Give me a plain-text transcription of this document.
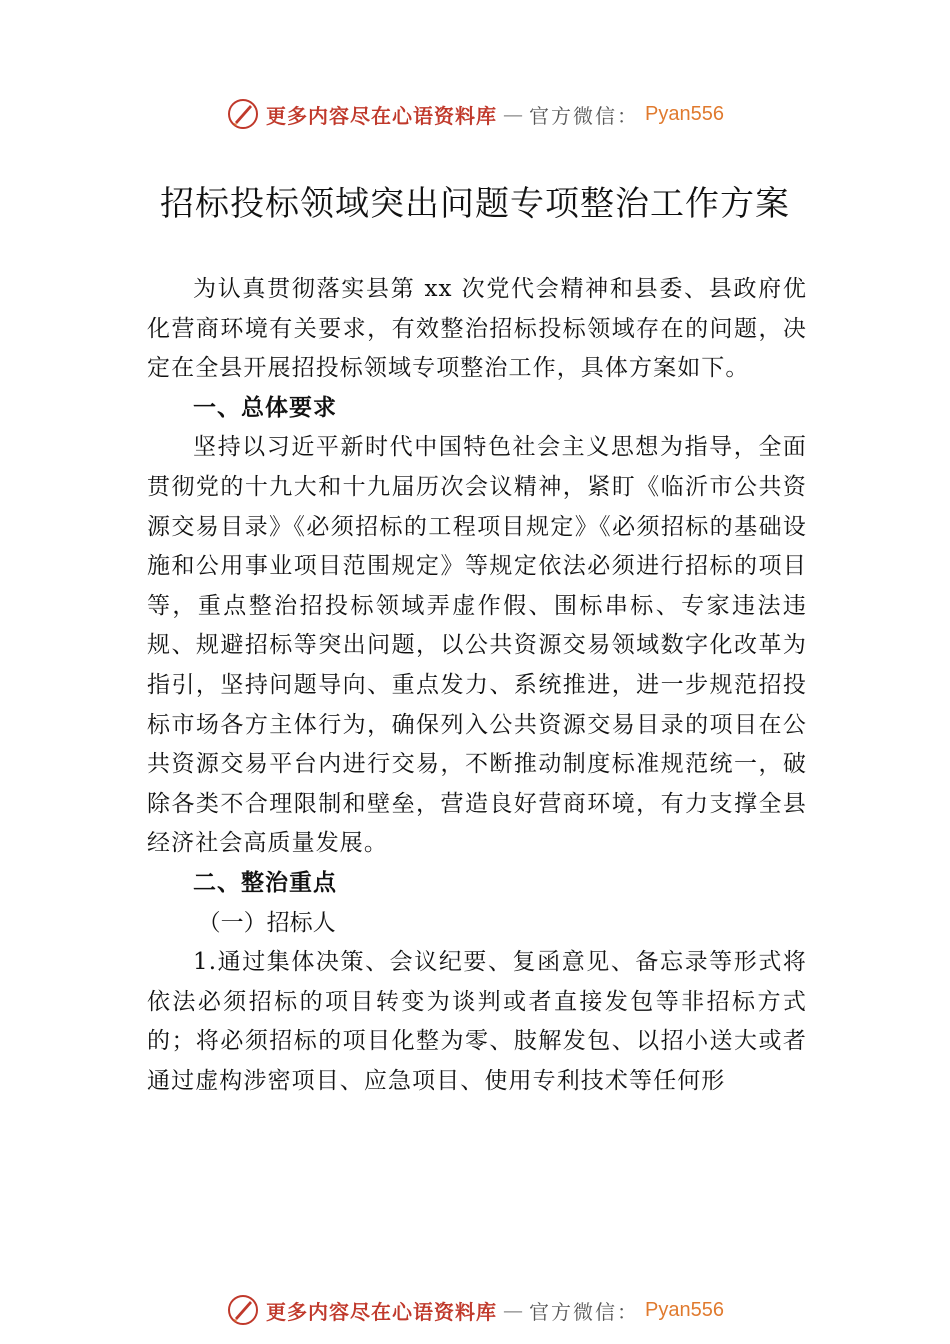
更多内容尽在心语资料库 — 官方微信： Pyan556
招标投标领域突出问题专项整治工作方案

为认真贯彻落实县第 xx 次党代会精神和县委、县政府优化营商环境有关要求，有效整治招标投标领域存在的问题，决定在全县开展招投标领域专项整治工作，具体方案如下。

一、总体要求

坚持以习近平新时代中国特色社会主义思想为指导，全面贯彻党的十九大和十九届历次会议精神，紧盯《临沂市公共资源交易目录》《必须招标的工程项目规定》《必须招标的基础设施和公用事业项目范围规定》等规定依法必须进行招标的项目等，重点整治招投标领域弄虚作假、围标串标、专家违法违规、规避招标等突出问题，以公共资源交易领域数字化改革为指引，坚持问题导向、重点发力、系统推进，进一步规范招投标市场各方主体行为，确保列入公共资源交易目录的项目在公共资源交易平台内进行交易，不断推动制度标准规范统一，破除各类不合理限制和壁垒，营造良好营商环境，有力支撑全县经济社会高质量发展。

二、整治重点

（一）招标人

1.通过集体决策、会议纪要、复函意见、备忘录等形式将依法必须招标的项目转变为谈判或者直接发包等非招标方式的；将必须招标的项目化整为零、肢解发包、以招小送大或者通过虚构涉密项目、应急项目、使用专利技术等任何形

更多内容尽在心语资料库 — 官方微信： Pyan556
